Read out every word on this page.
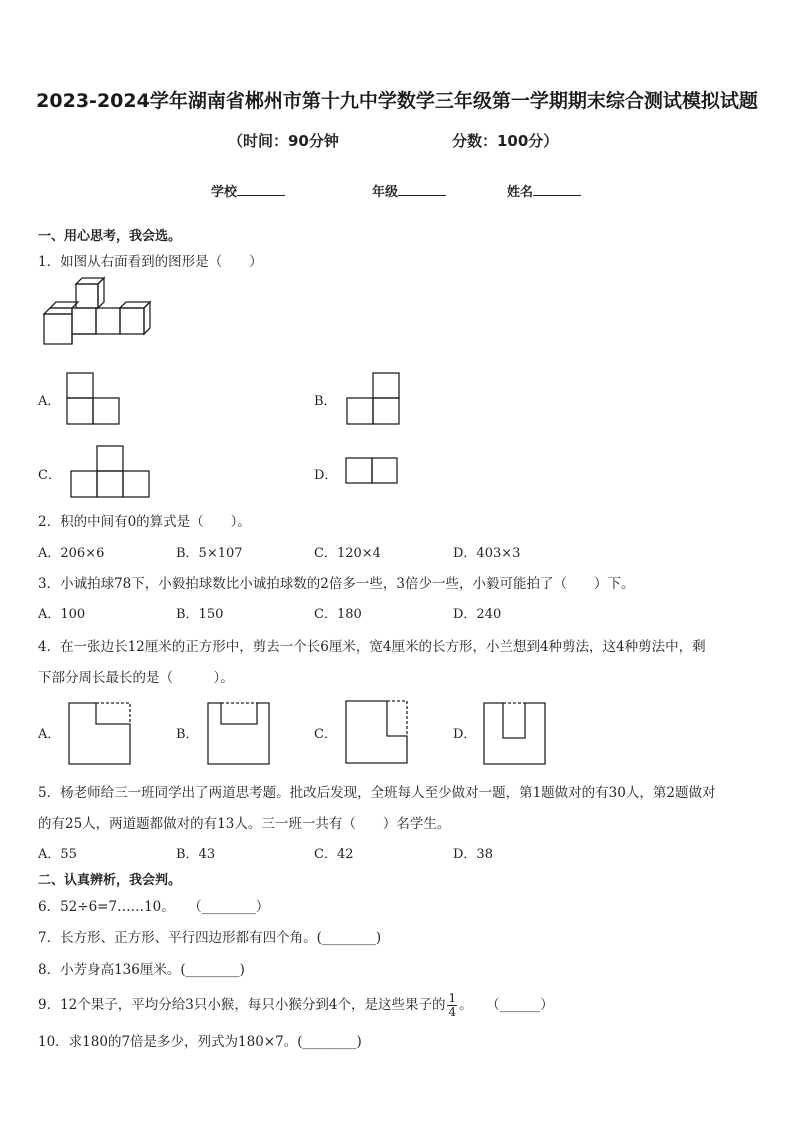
2023-2024学年湖南省郴州市第十九中学数学三年级第一学期期末综合测试模拟试题
（时间：90分钟	分数：100分）
学校	年级	姓名
一、用心思考，我会选。
1．如图从右面看到的图形是（　　）
A．	B．
C．	D．
2．积的中间有0的算式是（　　）。
A．206×6	B．5×107	C．120×4	D．403×3
3．小诚拍球78下，小毅拍球数比小诚拍球数的2倍多一些，3倍少一些，小毅可能拍了（　　）下。
A．100	B．150	C．180	D．240
4．在一张边长12厘米的正方形中，剪去一个长6厘米，宽4厘米的长方形，小兰想到4种剪法，这4种剪法中，剩
下部分周长最长的是（　　　）。
A．	B．	C．	D．
5．杨老师给三一班同学出了两道思考题。批改后发现，全班每人至少做对一题，第1题做对的有30人，第2题做对
的有25人，两道题都做对的有13人。三一班一共有（　　）名学生。
A．55	B．43	C．42	D．38
二、认真辨析，我会判。
6．52÷6=7……10。　　（________）
7．长方形、正方形、平行四边形都有四个角。(________)
8．小芳身高136厘米。(________)
9．12个果子，平均分给3只小猴，每只小猴分到4个，是这些果子的 $\frac{1}{4}$ 。　　（______）
10．求180的7倍是多少，列式为180×7。(________)
